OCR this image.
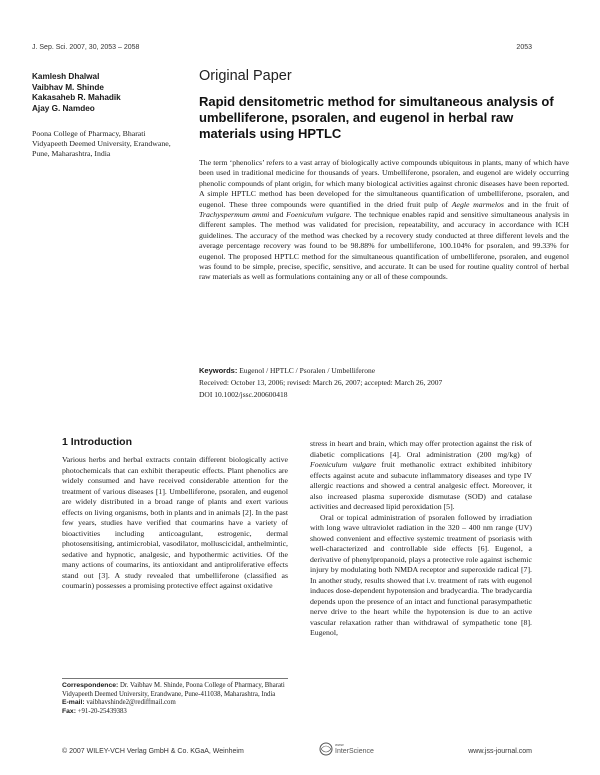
J. Sep. Sci. 2007, 30, 2053 – 2058	2053
Kamlesh Dhalwal
Vaibhav M. Shinde
Kakasaheb R. Mahadik
Ajay G. Namdeo
Poona College of Pharmacy, Bharati Vidyapeeth Deemed University, Erandwane, Pune, Maharashtra, India
Original Paper
Rapid densitometric method for simultaneous analysis of umbelliferone, psoralen, and eugenol in herbal raw materials using HPTLC
The term ‘phenolics’ refers to a vast array of biologically active compounds ubiquitous in plants, many of which have been used in traditional medicine for thousands of years. Umbelliferone, psoralen, and eugenol are widely occurring phenolic compounds of plant origin, for which many biological activities against chronic diseases have been reported. A simple HPTLC method has been developed for the simultaneous quantification of umbelliferone, psoralen, and eugenol. These three compounds were quantified in the dried fruit pulp of Aegle marmelos and in the fruit of Trachyspermum ammi and Foeniculum vulgare. The technique enables rapid and sensitive simultaneous analysis in different samples. The method was validated for precision, repeatability, and accuracy in accordance with ICH guidelines. The accuracy of the method was checked by a recovery study conducted at three different levels and the average percentage recovery was found to be 98.88% for umbelliferone, 100.104% for psoralen, and 99.33% for eugenol. The proposed HPTLC method for the simultaneous quantification of umbelliferone, psoralen, and eugenol was found to be simple, precise, specific, sensitive, and accurate. It can be used for routine quality control of herbal raw materials as well as formulations containing any or all of these compounds.
Keywords: Eugenol / HPTLC / Psoralen / Umbelliferone
Received: October 13, 2006; revised: March 26, 2007; accepted: March 26, 2007
DOI 10.1002/jssc.200600418
1 Introduction
Various herbs and herbal extracts contain different biologically active photochemicals that can exhibit therapeutic effects. Plant phenolics are widely consumed and have received considerable attention for the treatment of various diseases [1]. Umbelliferone, psoralen, and eugenol are widely distributed in a broad range of plants and exert various effects on living organisms, both in plants and in animals [2]. In the past few years, studies have verified that coumarins have a variety of bioactivities including anticoagulant, estrogenic, dermal photosensitising, antimicrobial, vasodilator, molluscicidal, anthelmintic, sedative and hypnotic, analgesic, and hypothermic activities. Of the many actions of coumarins, its antioxidant and antiproliferative effects stand out [3]. A study revealed that umbelliferone (classified as coumarin) possesses a promising protective effect against oxidative

stress in heart and brain, which may offer protection against the risk of diabetic complications [4]. Oral administration (200 mg/kg) of Foeniculum vulgare fruit methanolic extract exhibited inhibitory effects against acute and subacute inflammatory diseases and type IV allergic reactions and showed a central analgesic effect. Moreover, it also increased plasma superoxide dismutase (SOD) and catalase activities and decreased lipid peroxidation [5].

Oral or topical administration of psoralen followed by irradiation with long wave ultraviolet radiation in the 320 – 400 nm range (UV) showed convenient and effective systemic treatment of psoriasis with well-characterized and controllable side effects [6]. Eugenol, a derivative of phenylpropanoid, plays a protective role against ischemic injury by modulating both NMDA receptor and superoxide radical [7]. In another study, results showed that i.v. treatment of rats with eugenol induces dose-dependent hypotension and bradycardia. The bradycardia depends upon the presence of an intact and functional parasympathetic nerve drive to the heart while the hypotension is due to an active vascular relaxation rather than withdrawal of sympathetic tone [8]. Eugenol,

Correspondence: Dr. Vaibhav M. Shinde, Poona College of Pharmacy, Bharati Vidyapeeth Deemed University, Erandwane, Pune-411038, Maharashtra, India
E-mail: vaibhavshinde2@rediffmail.com
Fax: +91-20-25439383
© 2007 WILEY-VCH Verlag GmbH & Co. KGaA, Weinheim
www
InterScience	www.jss-journal.com
